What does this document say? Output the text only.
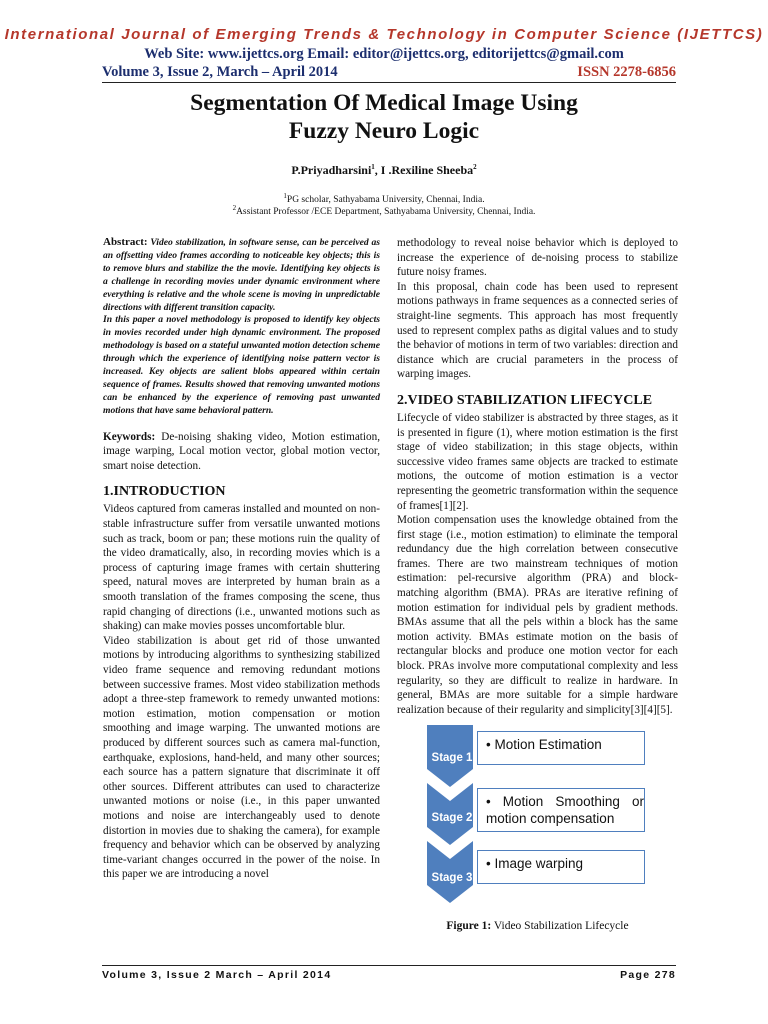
International Journal of Emerging Trends & Technology in Computer Science (IJETTCS)
Web Site: www.ijettcs.org Email: editor@ijettcs.org, editorijettcs@gmail.com
Volume 3, Issue 2, March – April 2014	ISSN 2278-6856
Segmentation Of Medical Image Using
Fuzzy Neuro Logic
P.Priyadharsini$^1$, I .Rexiline Sheeba$^2$
$^1$PG scholar, Sathyabama University, Chennai, India.
$^2$Assistant Professor /ECE Department, Sathyabama University, Chennai, India.

Abstract: Video stabilization, in software sense, can be perceived as an offsetting video frames according to noticeable key objects; this is to remove blurs and stabilize the the movie. Identifying key objects is a challenge in recording movies under dynamic environment where everything is relative and the whole scene is moving in unpredictable directions with different transition capacity.

In this paper a novel methodology is proposed to identify key objects in movies recorded under high dynamic environment. The proposed methodology is based on a stateful unwanted motion detection scheme through which the experience of identifying noise pattern vector is increased. Key objects are salient blobs appeared within certain sequence of frames. Results showed that removing unwanted motions can be enhanced by the experience of removing past unwanted motions that have same behavioral pattern.

Keywords: De-noising shaking video, Motion estimation, image warping, Local motion vector, global motion vector, smart noise detection.

1.INTRODUCTION

Videos captured from cameras installed and mounted on non-stable infrastructure suffer from versatile unwanted motions such as track, boom or pan; these motions ruin the quality of the video dramatically, also, in recording movies which is a process of capturing image frames with certain shuttering speed, natural moves are interpreted by human brain as a smooth translation of the frames composing the scene, thus rapid changing of directions (i.e., unwanted motions such as shaking) can make movies posses uncomfortable blur.

Video stabilization is about get rid of those unwanted motions by introducing algorithms to synthesizing stabilized video frame sequence and removing redundant motions between successive frames. Most video stabilization methods adopt a three-step framework to remedy unwanted motions: motion estimation, motion compensation or motion smoothing and image warping. The unwanted motions are produced by different sources such as camera mal-function, earthquake, explosions, hand-held, and many other sources; each source has a pattern signature that discriminate it off other sources. Different attributes can used to characterize unwanted motions or noise (i.e., in this paper unwanted motions and noise are interchangeably used to denote distortion in movies due to shaking the camera), for example frequency and behavior which can be observed by analyzing time-variant changes occurred in the power of the noise. In this paper we are introducing a novel

methodology to reveal noise behavior which is deployed to increase the experience of de-noising process to stabilize future noisy frames.

In this proposal, chain code has been used to represent motions pathways in frame sequences as a connected series of straight-line segments. This approach has most frequently used to represent complex paths as digital values and to study the behavior of motions in term of two variables: direction and distance which are crucial parameters in the process of warping images.

2.VIDEO STABILIZATION LIFECYCLE

Lifecycle of video stabilizer is abstracted by three stages, as it is presented in figure (1), where motion estimation is the first stage of video stabilization; in this stage objects, within successive video frames same objects are tracked to estimate motions, the outcome of motion estimation is a vector representing the geometric transformation within the sequence of frames[1][2].

Motion compensation uses the knowledge obtained from the first stage (i.e., motion estimation) to eliminate the temporal redundancy due the high correlation between consecutive frames. There are two mainstream techniques of motion estimation: pel-recursive algorithm (PRA) and block-matching algorithm (BMA). PRAs are iterative refining of motion estimation for individual pels by gradient methods. BMAs assume that all the pels within a block has the same motion activity. BMAs estimate motion on the basis of rectangular blocks and produce one motion vector for each block. PRAs involve more computational complexity and less regularity, so they are difficult to realize in hardware. In general, BMAs are more suitable for a simple hardware realization because of their regularity and simplicity[3][4][5].

Stage 1
• Motion Estimation
Stage 2
• Motion Smoothing or motion compensation
Stage 3
• Image warping
Figure 1: Video Stabilization Lifecycle
Volume 3, Issue 2 March – April 2014	Page 278
